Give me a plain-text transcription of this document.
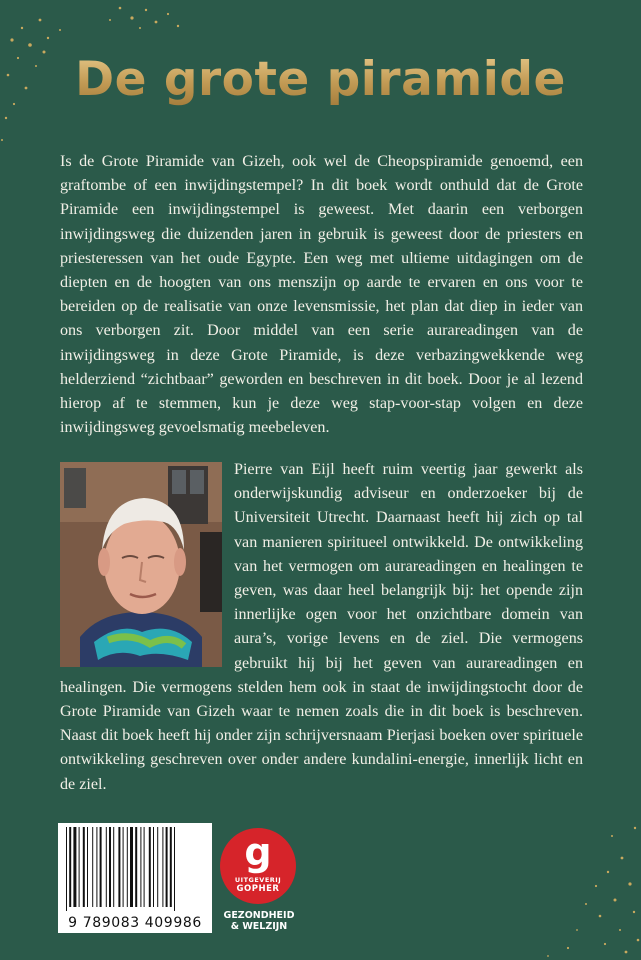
De grote piramide

Is de Grote Piramide van Gizeh, ook wel de Cheopspiramide genoemd, een graftombe of een inwijdingstempel? In dit boek wordt onthuld dat de Grote Piramide een inwijdingstempel is geweest. Met daarin een verborgen inwijdingsweg die duizenden jaren in gebruik is geweest door de priesters en priesteressen van het oude Egypte. Een weg met ultieme uitdagingen om de diepten en de hoogten van ons menszijn op aarde te ervaren en ons voor te bereiden op de realisatie van onze levensmissie, het plan dat diep in ieder van ons verborgen zit. Door middel van een serie aurareadingen van de inwijdingsweg in deze Grote Piramide, is deze verbazingwekkende weg helderziend “zichtbaar” geworden en beschreven in dit boek. Door je al lezend hierop af te stemmen, kun je deze weg stap-voor-stap volgen en deze inwijdingsweg gevoelsmatig meebeleven.

Pierre van Eijl heeft ruim veertig jaar gewerkt als onderwijskundig adviseur en onderzoeker bij de Universiteit Utrecht. Daarnaast heeft hij zich op tal van manieren spiritueel ontwikkeld. De ontwikkeling van het vermogen om aurareadingen en healingen te geven, was daar heel belangrijk bij: het opende zijn innerlijke ogen voor het onzichtbare domein van aura’s, vorige levens en de ziel. Die vermogens gebruikt hij bij het geven van aurareadingen en healingen. Die vermogens stelden hem ook in staat de inwijdingstocht door de Grote Piramide van Gizeh waar te nemen zoals die in dit boek is beschreven. Naast dit boek heeft hij onder zijn schrijversnaam Pierjasi boeken over spirituele ontwikkeling geschreven over onder andere kundalini-energie, innerlijk licht en de ziel.

9 789083 409986
g
UITGEVERIJ
GOPHER
GEZONDHEID
& WELZIJN
